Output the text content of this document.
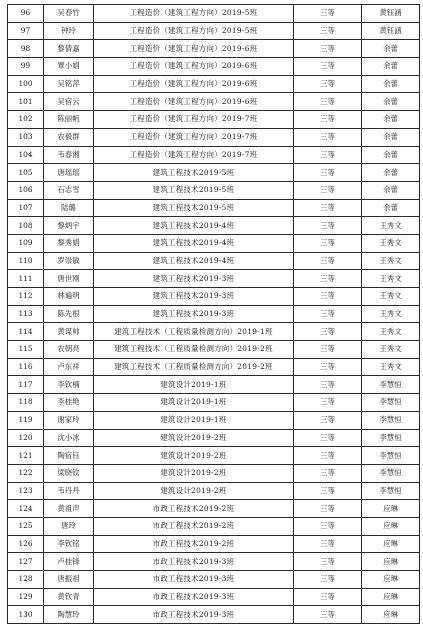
96	吴春竹	工程造价（建筑工程方向）2019-5班	三等	黄钰涵
97	钟玲	工程造价（建筑工程方向）2019-5班	三等	黄钰涵
98	黎倩嘉	工程造价（建筑工程方向）2019-6班	三等	余蕾
99	覃小娟	工程造价（建筑工程方向）2019-6班	三等	余蕾
100	吴铭萍	工程造价（建筑工程方向）2019-6班	三等	余蕾
101	吴宿云	工程造价（建筑工程方向）2019-6班	三等	余蕾
102	陈丽帆	工程造价（建筑工程方向）2019-7班	三等	余蕾
103	农毅群	工程造价（建筑工程方向）2019-7班	三等	余蕾
104	韦春湘	工程造价（建筑工程方向）2019-7班	三等	余蕾
105	唐瑶瑶	建筑工程技术2019-5班	三等	余蕾
106	石志雪	建筑工程技术2019-5班	三等	余蕾
107	陆璐	建筑工程技术2019-5班	三等	余蕾
108	黎炳宇	建筑工程技术2019-4班	三等	王秀文
109	黎秀娟	建筑工程技术2019-4班	三等	王秀文
110	罗崇敏	建筑工程技术2019-4班	三等	王秀文
111	唐世刚	建筑工程技术2019-3班	三等	王秀文
112	林遍明	建筑工程技术2019-3班	三等	王秀文
113	陈先根	建筑工程技术2019-3班	三等	王秀文
114	黄谋帅	建筑工程技术（工程质量检测方向）2019-1班	三等	王秀文
115	农朝亮	建筑工程技术（工程质量检测方向）2019-2班	三等	王秀文
116	卢东祥	建筑工程技术（工程质量检测方向）2019-2班	三等	王秀文
117	李钦楠	建筑设计2019-1班	三等	李慧恒
118	李桂艳	建筑设计2019-1班	三等	李慧恒
119	谢家玲	建筑设计2019-1班	三等	李慧恒
120	沈小冰	建筑设计2019-2班	三等	李慧恒
121	陶宿钰	建筑设计2019-2班	三等	李慧恒
122	梁晓钦	建筑设计2019-2班	三等	李慧恒
123	韦丹丹	建筑设计2019-2班	三等	李慧恒
124	黄祖声	市政工程技术2019-2班	三等	应琳
125	唐玲	市政工程技术2019-2班	三等	应琳
126	李钦铭	市政工程技术2019-2班	三等	应琳
127	卢桂锋	市政工程技术2019-3班	三等	应琳
128	唐振祖	市政工程技术2019-3班	三等	应琳
129	黄钦青	市政工程技术2019-3班	三等	应琳
130	陶慧玲	市政工程技术2019-3班	三等	应琳
